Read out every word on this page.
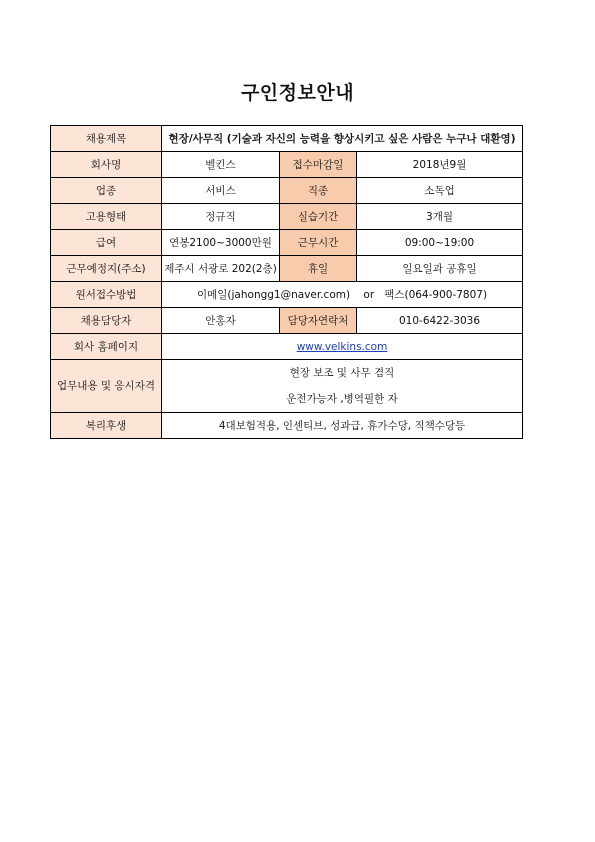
구인정보안내
채용제목	현장/사무직 (기술과 자신의 능력을 향상시키고 싶은 사람은 누구나 대환영)		
회사명	벨킨스	접수마감일	2018년9월
업종	서비스	직종	소독업
고용형태	정규직	실습기간	3개월
급여	연봉2100~3000만원	근무시간	09:00~19:00
근무예정지(주소)	제주시 서광로 202(2층)	휴일	일요일과 공휴일
원서접수방법	이메일(jahongg1@naver.com)    or   팩스(064-900-7807)		
채용담당자	안홍자	담당자연락처	010-6422-3036
회사 홈페이지	www.velkins.com		
업무내용 및 응시자격	현장 보조 및 사무 겸직
운전가능자 ,병역필한 자		

복리후생	4대보험적용, 인센티브, 성과급, 휴가수당, 직책수당등		
